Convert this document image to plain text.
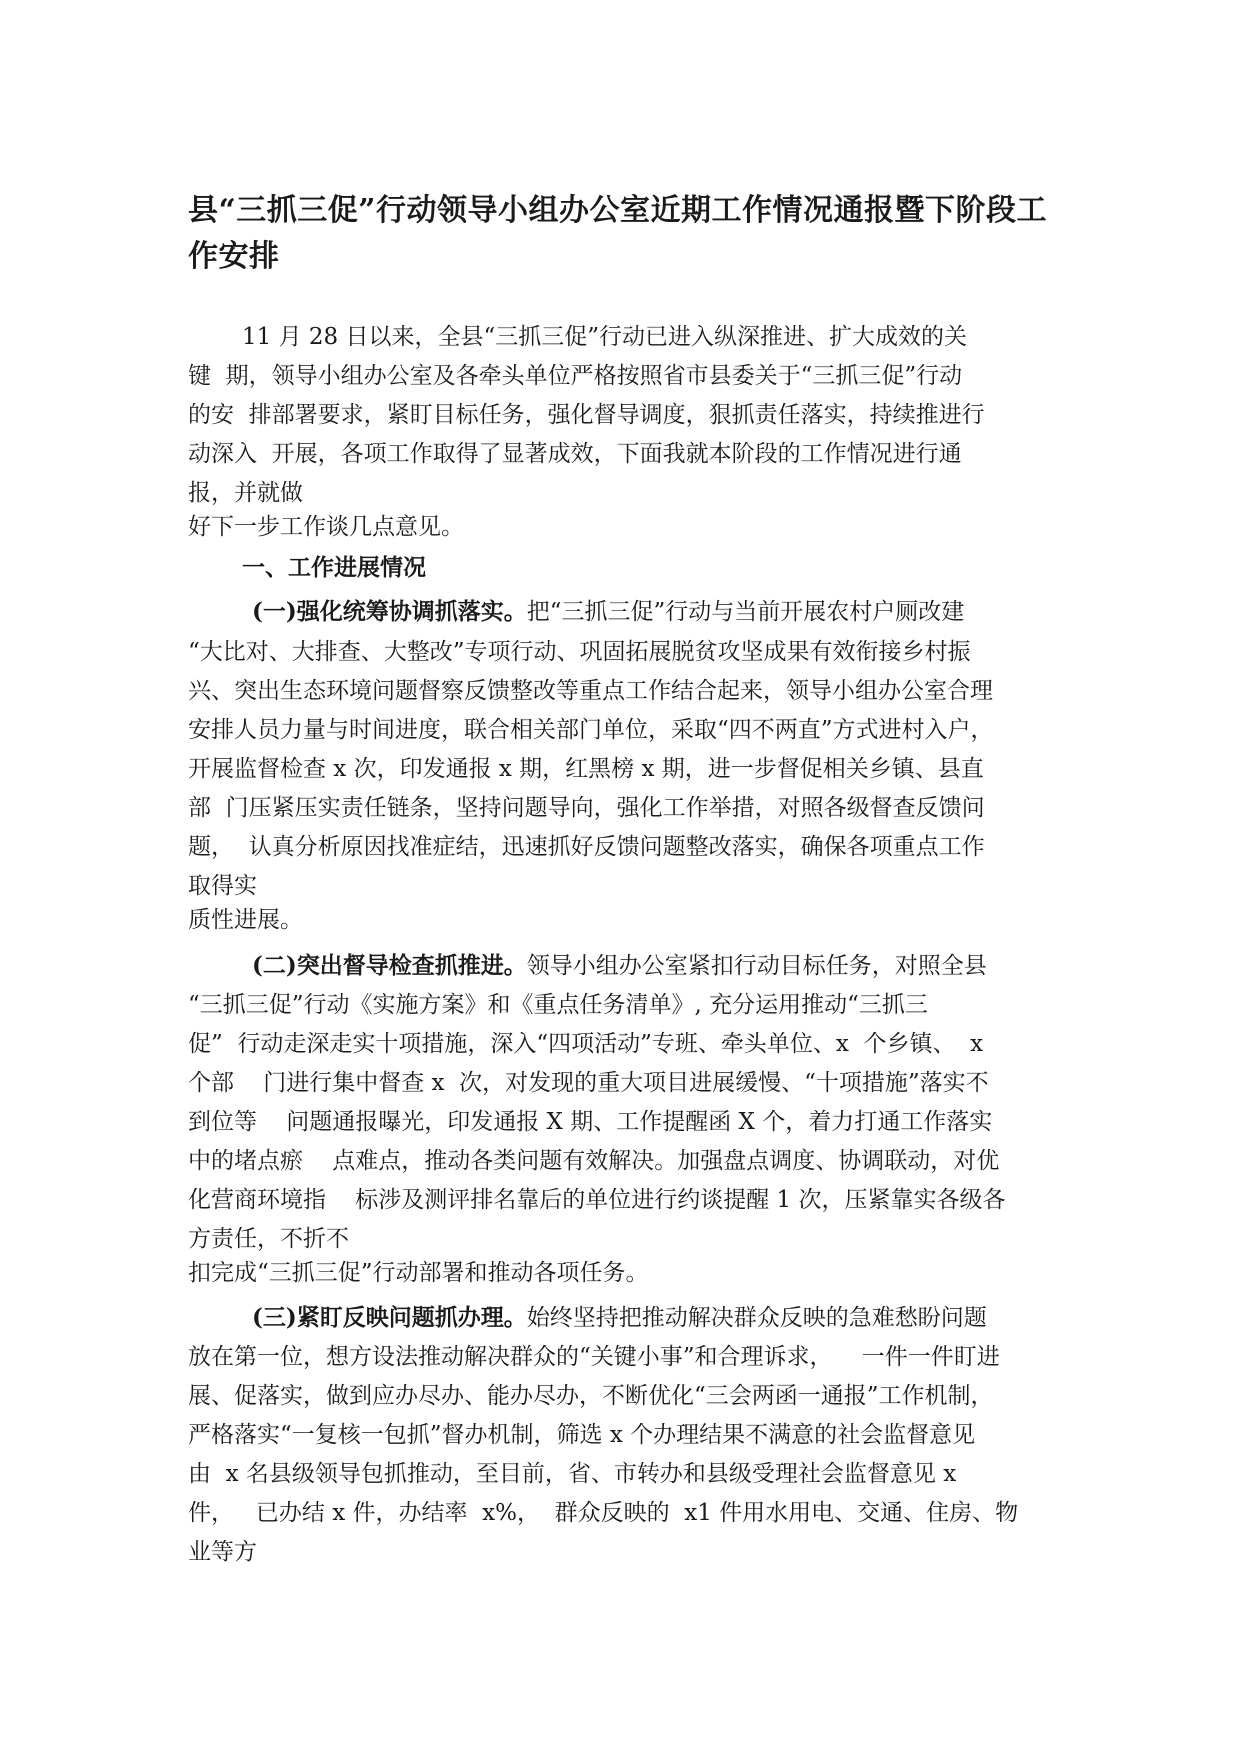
县“三抓三促”行动领导小组办公室近期工作情况通报暨下阶段工作安排

11 月 28 日以来，全县“三抓三促”行动已进入纵深推进、扩大成效的关

键  期，领导小组办公室及各牵头单位严格按照省市县委关于“三抓三促”行动

的安  排部署要求，紧盯目标任务，强化督导调度，狠抓责任落实，持续推进行

动深入  开展，各项工作取得了显著成效，下面我就本阶段的工作情况进行通

报，并就做

好下一步工作谈几点意见。

一、工作进展情况

(一)强化统筹协调抓落实。把“三抓三促”行动与当前开展农村户厕改建

“大比对、大排查、大整改”专项行动、巩固拓展脱贫攻坚成果有效衔接乡村振

兴、突出生态环境问题督察反馈整改等重点工作结合起来，领导小组办公室合理

安排人员力量与时间进度，联合相关部门单位，采取“四不两直”方式进村入户，

开展监督检查 x 次，印发通报 x 期，红黑榜 x 期，进一步督促相关乡镇、县直

部  门压紧压实责任链条，坚持问题导向，强化工作举措，对照各级督查反馈问

题，  认真分析原因找准症结，迅速抓好反馈问题整改落实，确保各项重点工作

取得实

质性进展。

(二)突出督导检查抓推进。领导小组办公室紧扣行动目标任务，对照全县

“三抓三促”行动《实施方案》和《重点任务清单》, 充分运用推动“三抓三

促”  行动走深走实十项措施，深入“四项活动”专班、牵头单位、x  个乡镇、  x

个部    门进行集中督查 x  次，对发现的重大项目进展缓慢、“十项措施”落实不

到位等    问题通报曝光，印发通报 X 期、工作提醒函 X 个，着力打通工作落实

中的堵点瘀    点难点，推动各类问题有效解决。加强盘点调度、协调联动，对优

化营商环境指    标涉及测评排名靠后的单位进行约谈提醒 1 次，压紧靠实各级各

方责任，不折不

扣完成“三抓三促”行动部署和推动各项任务。

(三)紧盯反映问题抓办理。始终坚持把推动解决群众反映的急难愁盼问题

放在第一位，想方设法推动解决群众的“关键小事”和合理诉求，    一件一件盯进

展、促落实，做到应办尽办、能办尽办，不断优化“三会两函一通报”工作机制，

严格落实“一复核一包抓”督办机制，筛选 x 个办理结果不满意的社会监督意见

由  x 名县级领导包抓推动，至目前，省、市转办和县级受理社会监督意见 x

件，   已办结 x 件，办结率  x%，  群众反映的  x1 件用水用电、交通、住房、物

业等方
